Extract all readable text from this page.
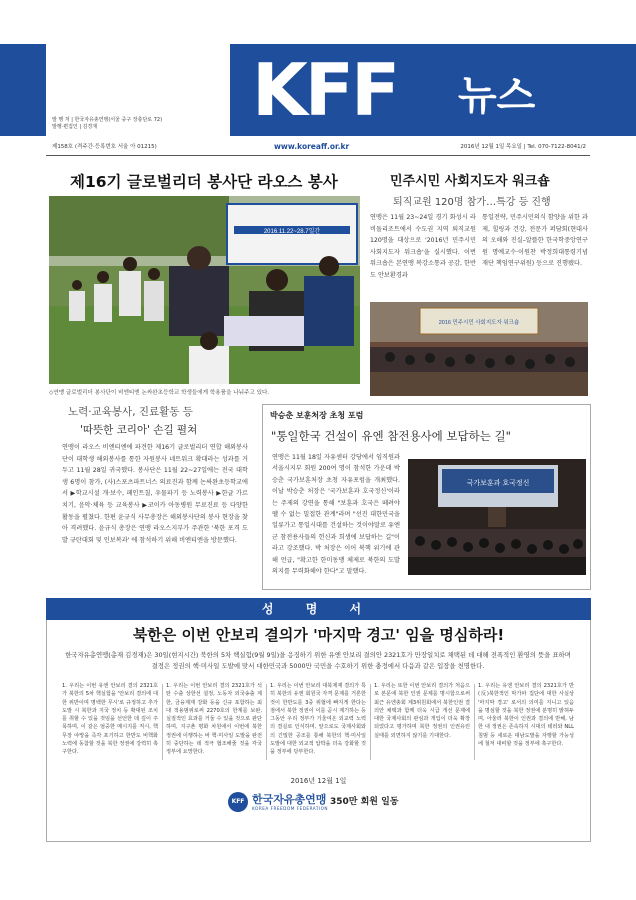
발 행 처 | 한국자유총연맹(서울 중구 장충단로 72)
발행·편집인 | 김경재	KFF 뉴스
제158호 (격주간·등록번호 서울 아 01215)	www.koreaff.or.kr	2016년 12월 1일 목요일 | Tel. 070-7122-8041/2
제16기 글로벌리더 봉사단 라오스 봉사
2016.11.22~28.7일간
◇연맹 글로벌리더 봉사단이 비엔티엔 논싸완초등학교 학생들에게 학용품을 나눠주고 있다.
노력·교육봉사, 진료활동 등
'따뜻한 코리아' 손길 펼쳐
연맹이 라오스 비엔티엔에 파견한 제16기 글로벌리더 연합 해외봉사단이 대학생 해외봉사를 통한 자원봉사 네트워크 확대라는 성과를 거두고 11월 28일 귀국했다. 봉사단은 11월 22~27일에는 전국 대학생 6명이 참가, (사)스포츠파트너스 의료진과 함께 논싸완초등학교에서 ▶학교시설 개·보수, 페인트칠, 우물파기 등 노력봉사 ▶한글 가르치기, 음악·체육 등 교육봉사 ▶코이카 아동병원 무료진료 등 다양한 활동을 펼쳤다. 한편 윤규식 사무총장은 해외봉사단의 봉사 현장을 찾아 격려했다. 윤규식 총장은 연맹 라오스지부가 주관한 '북한 포격 도발 규탄대회 및 인보복과' 에 참석하기 위해 비엔티엔을 방문했다.
민주시민 사회지도자 워크숍
퇴직교원 120명 참가…특강 등 진행
연맹은 11월 23~24일 경기 화성시 라비돌리조트에서 수도권 지역 퇴직교원 120명을 대상으로 '2016년 민주시민 사회지도자 워크숍'을 실시했다. 이번 워크숍은 본연맹 복강소통과 공감, 한반도 안보환경과
통일전략, 민주시민의식 함양을 위한 과제, 힐링과 건강, 전문가 퍼담회(현대사의 오해와 진실–알뜰한 한국학중앙연구원 명예교수·이원찬 박정희대통령기념재단 책임연구위원) 등으로 진행됐다.
2016 민주시민 사회지도자 워크숍
박승춘 보훈처장 초청 포럼
"통일한국 건설이 유엔 참전용사에 보답하는 길"
연맹은 11월 18일 자유센터 강당에서 임직원과 서울시지부 회원 200여 명이 참석한 가운데 박승춘 국가보훈처장 초청 자유포럼을 개최했다. 이날 박승춘 처장은 '국가보훈과 호국정신'이라는 주제의 강연을 통해 "보훈과 호국은 떼려야 뗄 수 없는 밀접한 관계"라며 "선진 대한민국을 일류가고 통일시대를 건설하는 것이야말로 유엔군 참전용사들의 헌신과 희생에 보답하는 길"이라고 강조했다. 박 처장은 이어 북핵 위기에 관해 언급, "확고한 한미동맹 체제로 북한의 도발 의지를 무력화해야 한다"고 말했다.
국가보훈과 호국정신
성 명 서
북한은 이번 안보리 결의가 '마지막 경고' 임을 명심하라!
한국자유총연맹(총재 김경재)은 30일(현지시간) 북한의 5차 핵실험(9월 9일)을 응징하기 위한 유엔 안보리 결의안 2321호가 만장일치로 채택된 데 대해 전폭적인 환영의 뜻을 표하며 결정은 정권의 핵·미사일 도발에 맞서 대한민국과 5000만 국민을 수호하기 위한 충정에서 다음과 같은 입장을 천명한다.
1. 우리는 이번 유엔 안보리 결의 2321호가 북한의 5차 핵실험을 '안보리 결의에 대한 위반이며 명백한 무시'로 규정하고 추가도발 시 북한과 지국 정치 등 확대된 조치를 취할 수 있을 것임을 선언한 데 깊이 주목하며, 이 같은 엄중한 메시지를 직시, 핵무장 야망을 즉각 포기하고 한반도 비핵화 노력에 동참할 것을 북한 정권에 강력히 촉구한다.
1. 우리는 이번 안보리 결의 2321호가 석탄 수출 상한선 설정, 노동자 외국송출 제한, 금융제재 강화 등을 신규 포함하는 최대 적용범위로써 2270호의 한계를 보완, 실질적인 효과를 거둘 수 있을 것으로 판단하며, 지구촌 평화 차원에서 이번에 북한 정권에 이행하는 바 핵·미사일 도발을 완전히 중단하는 데 적극 협조해줄 것을 각국 정부에 요망한다.
1. 우리는 이번 안보리 대북제재 결의가 특히 북한의 유엔 회원국 자격 문제를 거론한 것이 한반도를 3중 위협에 빠지게 한다는 점에서 북한 정권이 이를 곧시 제기하는 등 그동안 우리 정부가 기울여온 외교력 노력의 결실로 인식하며, 앞으로도 국제사회와의 긴밀한 공조를 통해 북한의 핵·미사일 도발에 대한 외교적 압박을 더욱 강화할 것을 정부에 당부한다.
1. 우리는 또한 이번 안보리 결의가 처음으로 본문에 북한 인권 문제를 명시함으로써 최근 유엔총회 제3위원회에서 북한인권 결의안 채택과 함께 더욱 시급 개선 문제에 대한 국제사회의 관심과 개입이 더욱 확장되었다고 평가하며 북한 정권의 인권유린 실태를 외면하지 않기를 기대한다.
1. 우리는 유엔 안보리 결의 2321호가 반(反)북한적인 막가파 집단에 대한 사실상 '마지막 경고' 로서의 의미를 지니고 있음을 명심할 것을 북한 정권에 분명히 밝혀두며, 아울러 북한이 인권과 결의에 반해, 남한 내 정권은 존속하지 시대의 테러와 NLL 침범 등 새로운 대남도발을 자행할 가능성에 철저 대비할 것을 정부에 촉구한다.
2016년 12월 1일
KFF 한국자유총연맹
KOREA FREEDOM FEDERATION
350만 회원 일동
